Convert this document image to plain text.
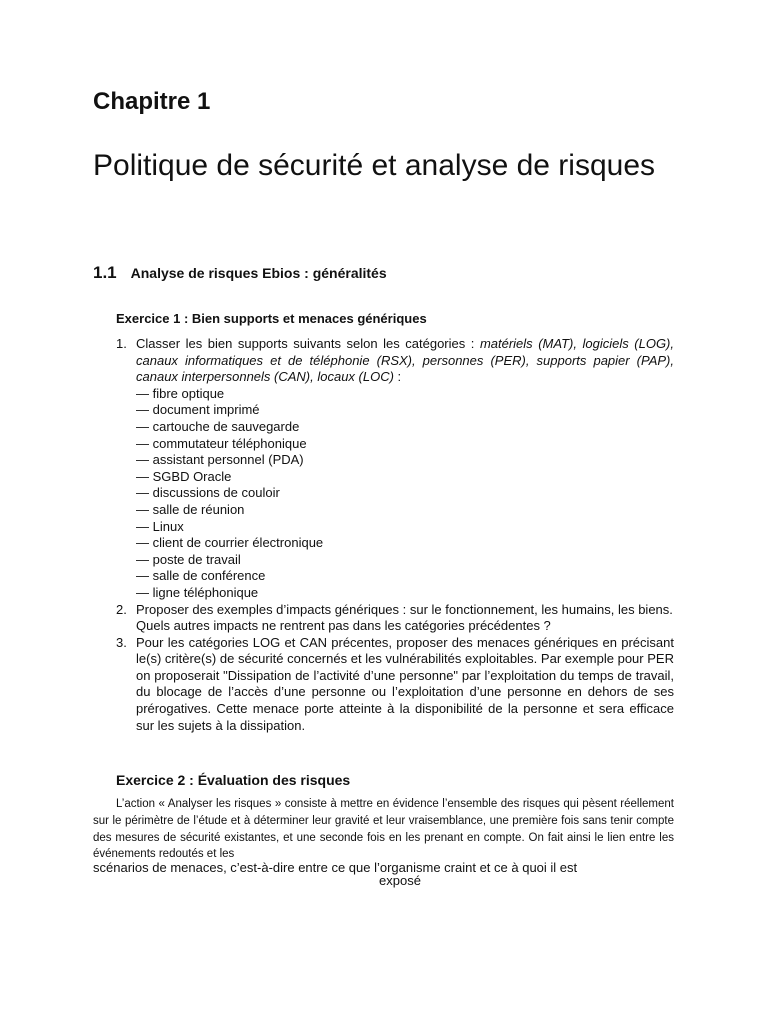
Chapitre 1
Politique de sécurité et analyse de risques
1.1 Analyse de risques Ebios : généralités
Exercice 1 : Bien supports et menaces génériques
1. Classer les bien supports suivants selon les catégories : matériels (MAT), logiciels (LOG), canaux informatiques et de téléphonie (RSX), personnes (PER), supports papier (PAP), canaux interpersonnels (CAN), locaux (LOC) :
— fibre optique
— document imprimé
— cartouche de sauvegarde
— commutateur téléphonique
— assistant personnel (PDA)
— SGBD Oracle
— discussions de couloir
— salle de réunion
— Linux
— client de courrier électronique
— poste de travail
— salle de conférence
— ligne téléphonique
2. Proposer des exemples d’impacts génériques : sur le fonctionnement, les humains, les biens. Quels autres impacts ne rentrent pas dans les catégories précédentes ?
3. Pour les catégories LOG et CAN précentes, proposer des menaces génériques en précisant le(s) critère(s) de sécurité concernés et les vulnérabilités exploitables. Par exemple pour PER on proposerait "Dissipation de l’activité d’une personne" par l’exploitation du temps de travail, du blocage de l’accès d’une personne ou l’exploitation d’une personne en dehors de ses prérogatives. Cette menace porte atteinte à la disponibilité de la personne et sera efficace sur les sujets à la dissipation.
Exercice 2 : Évaluation des risques

L’action « Analyser les risques » consiste à mettre en évidence l’ensemble des risques qui pèsent réellement sur le périmètre de l’étude et à déterminer leur gravité et leur vraisemblance, une première fois sans tenir compte des mesures de sécurité existantes, et une seconde fois en les prenant en compte. On fait ainsi le lien entre les événements redoutés et les

scénarios de menaces, c’est-à-dire entre ce que l’organisme craint et ce à quoi il est

exposé
